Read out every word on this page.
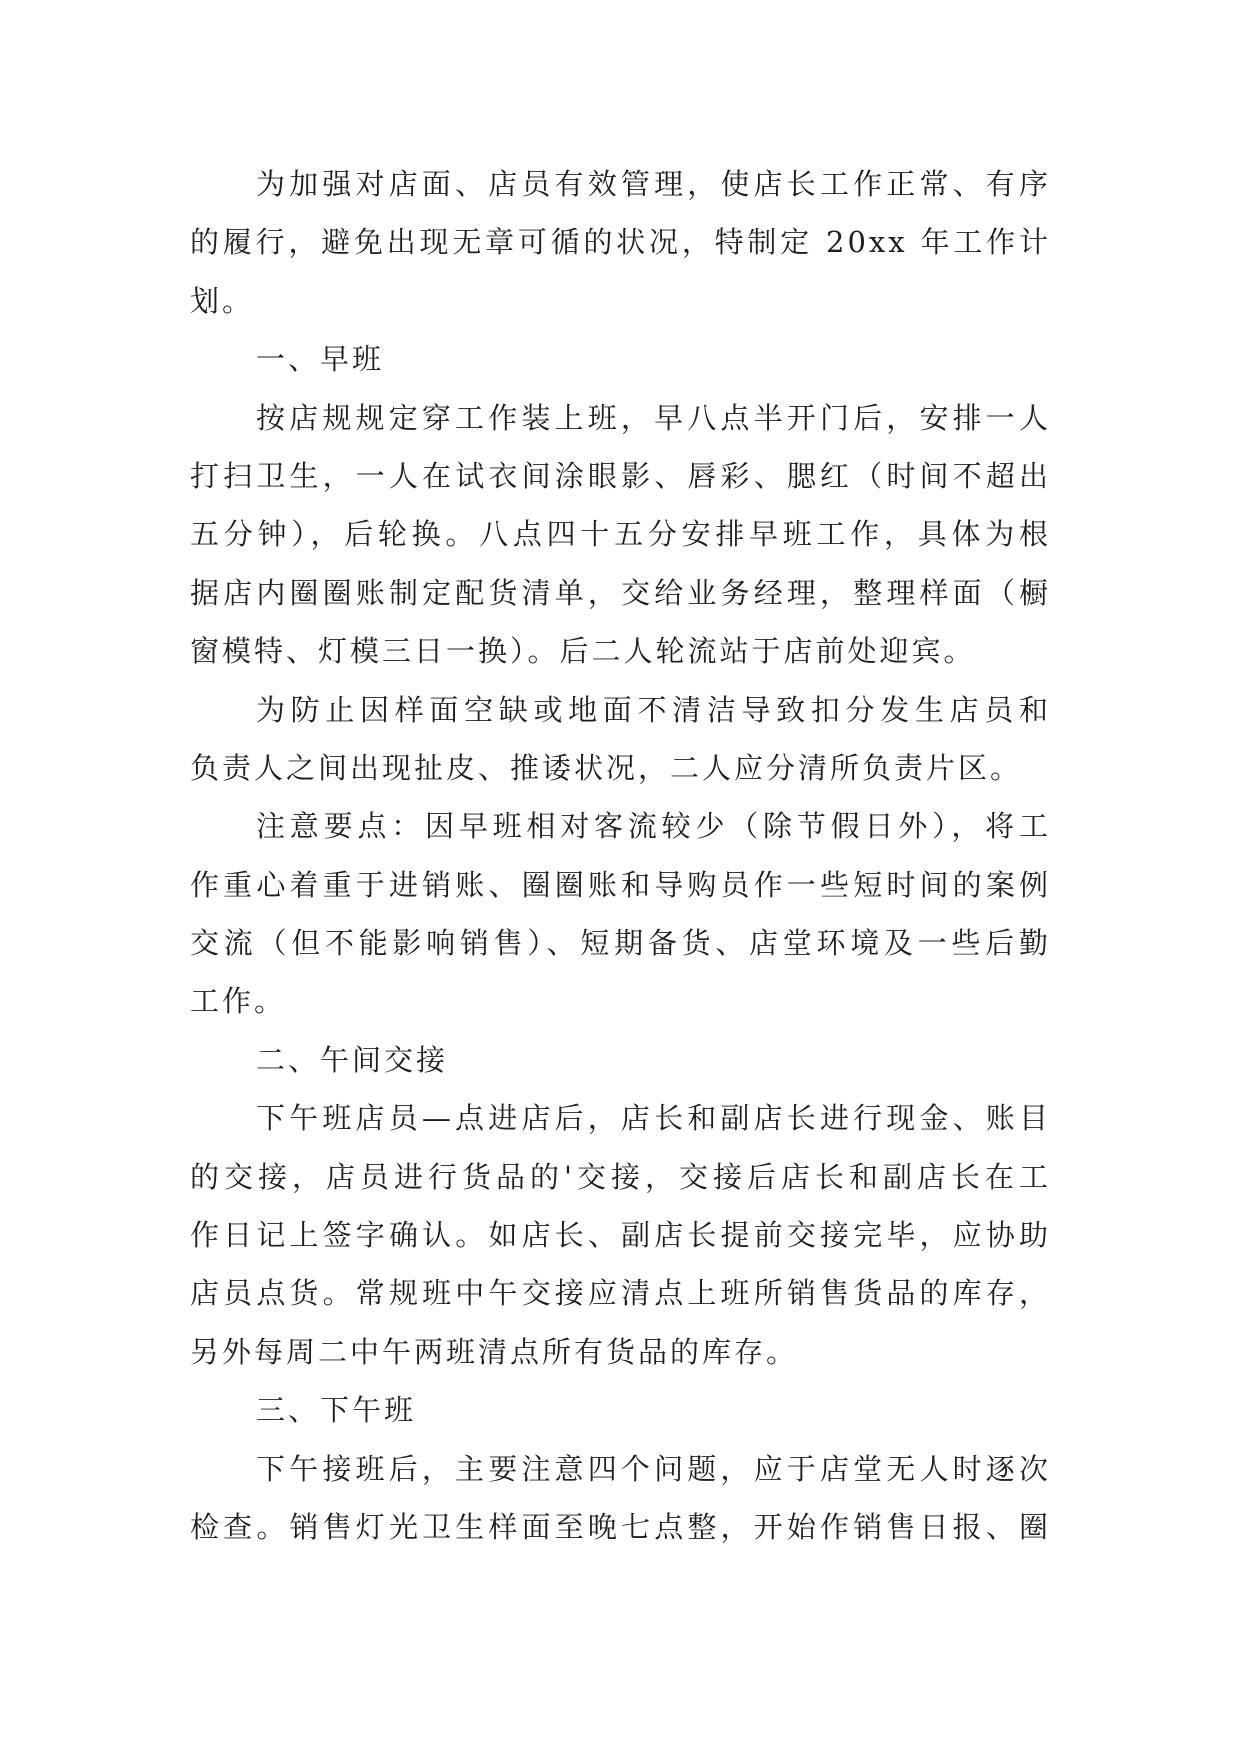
为加强对店面、店员有效管理，使店长工作正常、有序
的履行，避免出现无章可循的状况，特制定 20xx 年工作计
划。
一、早班
按店规规定穿工作装上班，早八点半开门后，安排一人
打扫卫生，一人在试衣间涂眼影、唇彩、腮红（时间不超出
五分钟），后轮换。八点四十五分安排早班工作，具体为根
据店内圈圈账制定配货清单，交给业务经理，整理样面（橱
窗模特、灯模三日一换）。后二人轮流站于店前处迎宾。
为防止因样面空缺或地面不清洁导致扣分发生店员和
负责人之间出现扯皮、推诿状况，二人应分清所负责片区。
注意要点：因早班相对客流较少（除节假日外），将工
作重心着重于进销账、圈圈账和导购员作一些短时间的案例
交流（但不能影响销售）、短期备货、店堂环境及一些后勤
工作。
二、午间交接
下午班店员—点进店后，店长和副店长进行现金、账目
的交接，店员进行货品的'交接，交接后店长和副店长在工
作日记上签字确认。如店长、副店长提前交接完毕，应协助
店员点货。常规班中午交接应清点上班所销售货品的库存，
另外每周二中午两班清点所有货品的库存。
三、下午班
下午接班后，主要注意四个问题，应于店堂无人时逐次
检查。销售灯光卫生样面至晚七点整，开始作销售日报、圈
